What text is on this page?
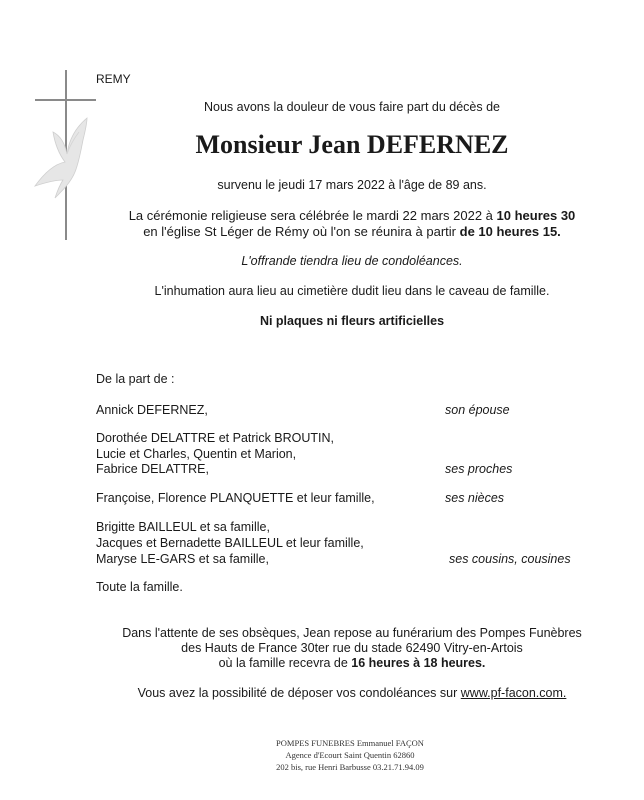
REMY
Nous avons la douleur de vous faire part du décès de
Monsieur Jean DEFERNEZ
survenu le jeudi 17 mars 2022 à l'âge de 89 ans.
La cérémonie religieuse sera célébrée le mardi 22 mars 2022 à 10 heures 30
en l'église St Léger de Rémy où l'on se réunira à partir de 10 heures 15.
L'offrande tiendra lieu de condoléances.
L'inhumation aura lieu au cimetière dudit lieu dans le caveau de famille.
Ni plaques ni fleurs artificielles
De la part de :
Annick DEFERNEZ,	son épouse
Dorothée DELATTRE et Patrick BROUTIN,
Lucie et Charles, Quentin et Marion,
Fabrice DELATTRE,	ses proches
Françoise, Florence PLANQUETTE et leur famille,	ses nièces
Brigitte BAILLEUL et sa famille,
Jacques et Bernadette BAILLEUL et leur famille,
Maryse LE-GARS et sa famille,	ses cousins, cousines
Toute la famille.
Dans l'attente de ses obsèques, Jean repose au funérarium des Pompes Funèbres
des Hauts de France 30ter rue du stade 62490 Vitry-en-Artois
où la famille recevra de 16 heures à 18 heures.
Vous avez la possibilité de déposer vos condoléances sur www.pf-facon.com.
POMPES FUNEBRES Emmanuel FAÇON
Agence d'Ecourt Saint Quentin 62860
202 bis, rue Henri Barbusse 03.21.71.94.09
